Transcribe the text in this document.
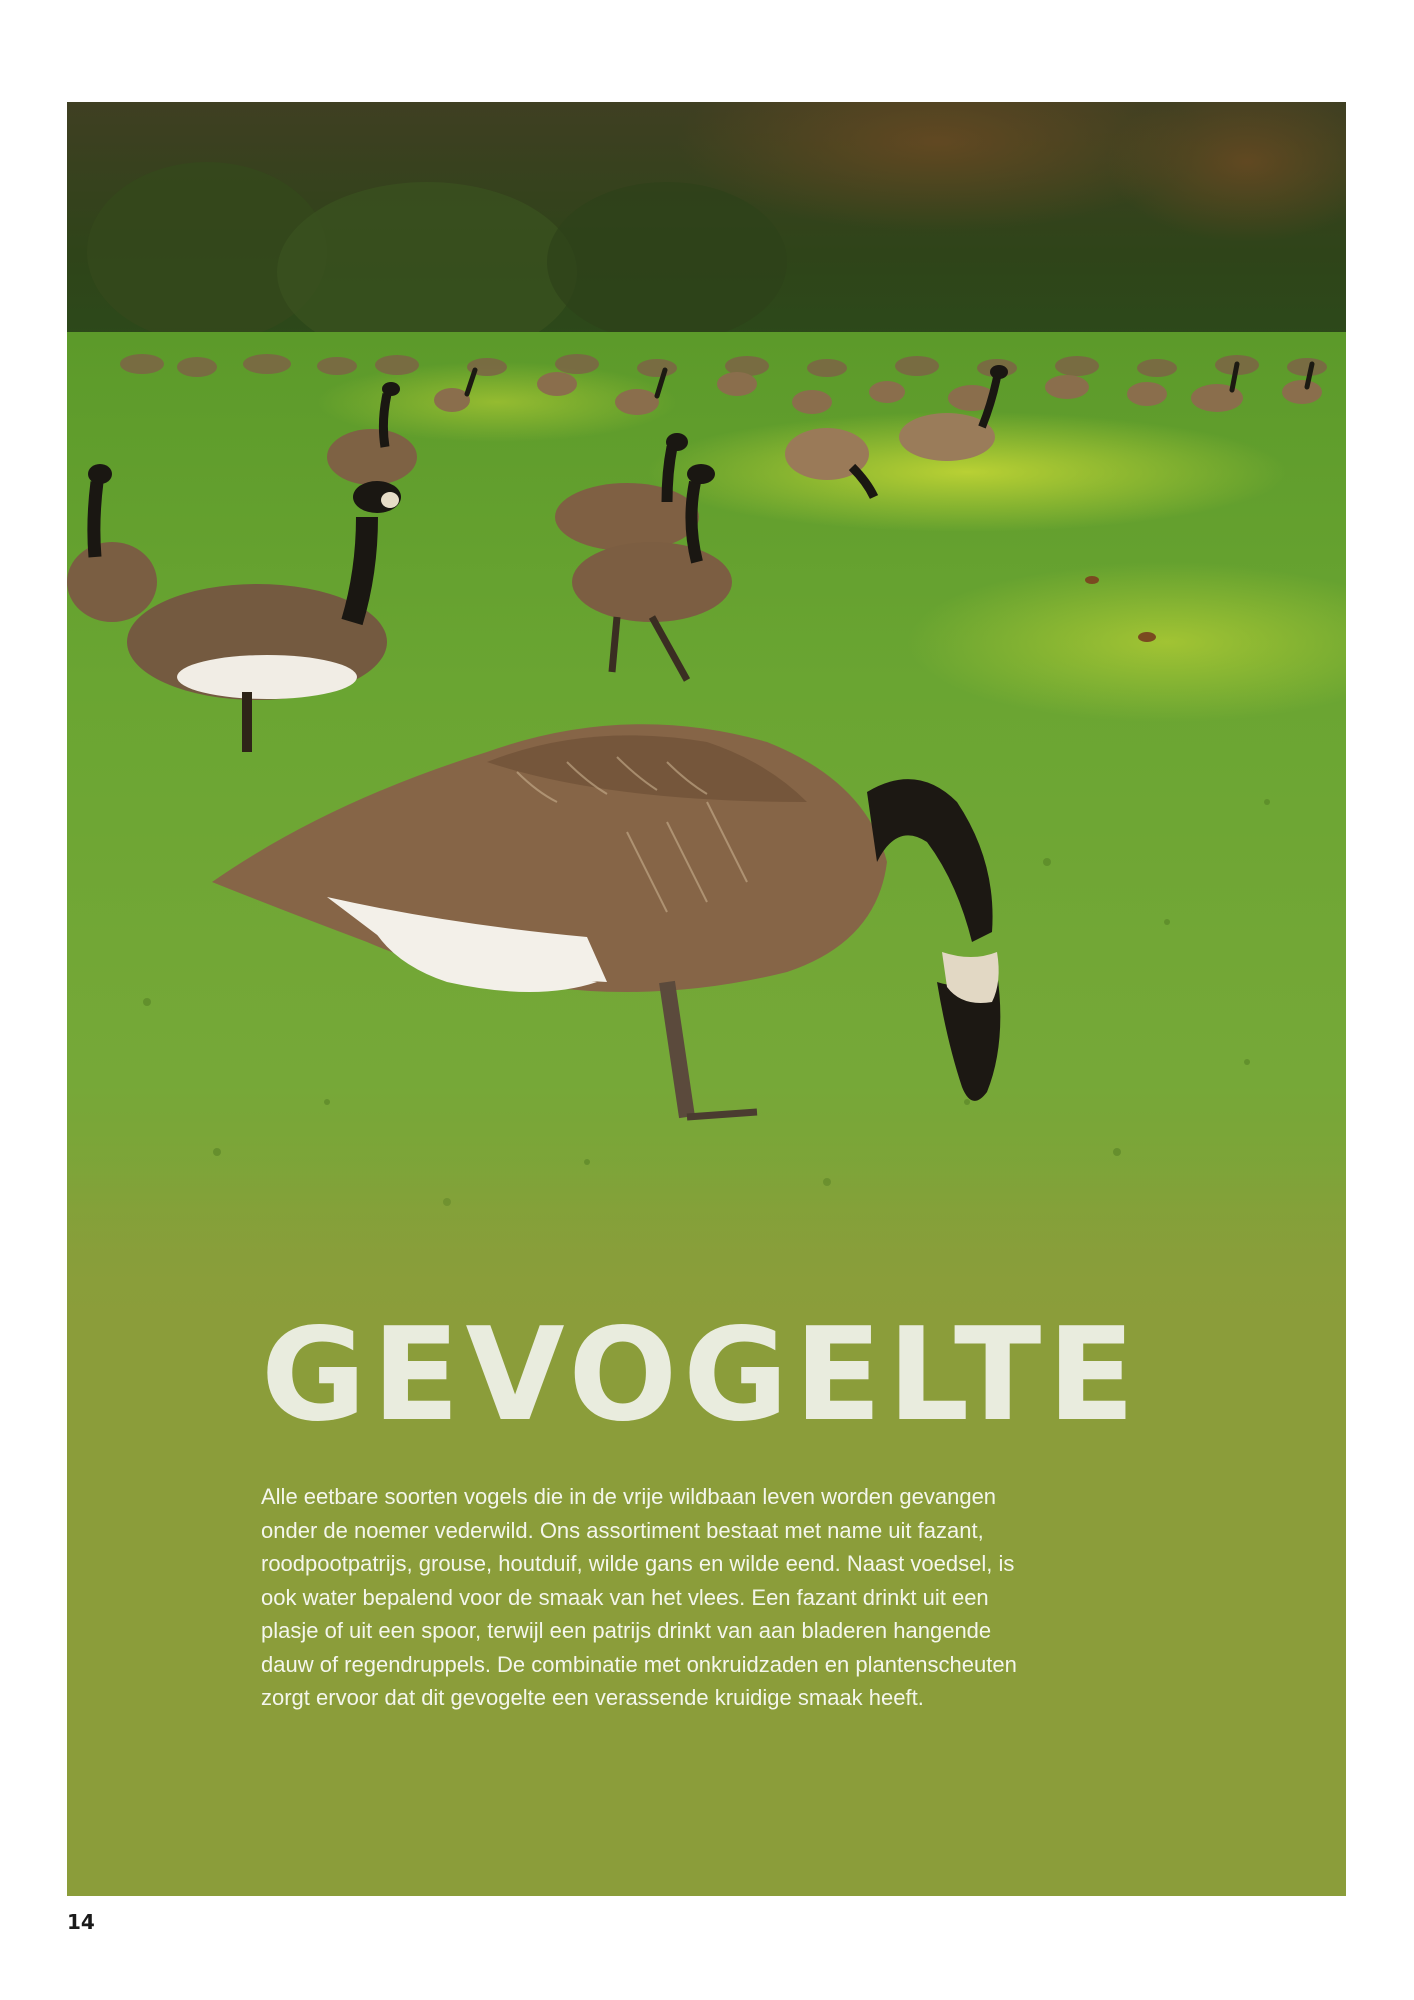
GEVOGELTE

Alle eetbare soorten vogels die in de vrije wildbaan leven worden gevangen
onder de noemer vederwild. Ons assortiment bestaat met name uit fazant,
roodpootpatrijs, grouse, houtduif, wilde gans en wilde eend. Naast voedsel, is
ook water bepalend voor de smaak van het vlees. Een fazant drinkt uit een
plasje of uit een spoor, terwijl een patrijs drinkt van aan bladeren hangende
dauw of regendruppels. De combinatie met onkruidzaden en plantenscheuten
zorgt ervoor dat dit gevogelte een verassende kruidige smaak heeft.

14
